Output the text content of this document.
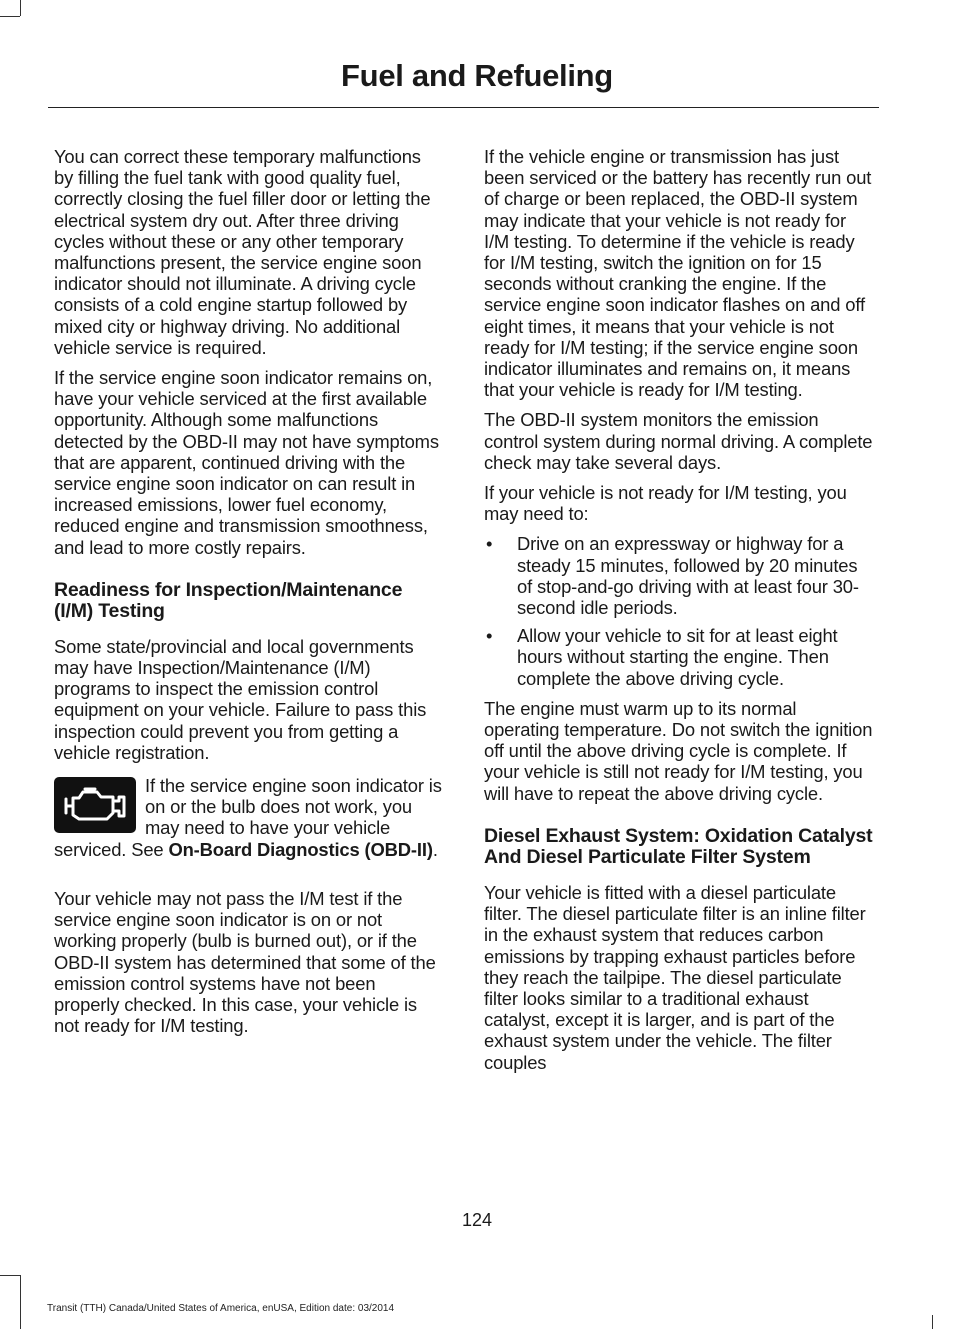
Fuel and Refueling

You can correct these temporary malfunctions by filling the fuel tank with good quality fuel, correctly closing the fuel filler door or letting the electrical system dry out. After three driving cycles without these or any other temporary malfunctions present, the service engine soon indicator should not illuminate. A driving cycle consists of a cold engine startup followed by mixed city or highway driving. No additional vehicle service is required.

If the service engine soon indicator remains on, have your vehicle serviced at the first available opportunity. Although some malfunctions detected by the OBD-II may not have symptoms that are apparent, continued driving with the service engine soon indicator on can result in increased emissions, lower fuel economy, reduced engine and transmission smoothness, and lead to more costly repairs.

Readiness for Inspection/Maintenance (I/M) Testing

Some state/provincial and local governments may have Inspection/Maintenance (I/M) programs to inspect the emission control equipment on your vehicle. Failure to pass this inspection could prevent you from getting a vehicle registration.

If the service engine soon indicator is on or the bulb does not work, you may need to have your vehicle serviced. See On-Board Diagnostics (OBD-II).

Your vehicle may not pass the I/M test if the service engine soon indicator is on or not working properly (bulb is burned out), or if the OBD-II system has determined that some of the emission control systems have not been properly checked. In this case, your vehicle is not ready for I/M testing.

If the vehicle engine or transmission has just been serviced or the battery has recently run out of charge or been replaced, the OBD-II system may indicate that your vehicle is not ready for I/M testing. To determine if the vehicle is ready for I/M testing, switch the ignition on for 15 seconds without cranking the engine. If the service engine soon indicator flashes on and off eight times, it means that your vehicle is not ready for I/M testing; if the service engine soon indicator illuminates and remains on, it means that your vehicle is ready for I/M testing.

The OBD-II system monitors the emission control system during normal driving. A complete check may take several days.

If your vehicle is not ready for I/M testing, you may need to:

• Drive on an expressway or highway for a steady 15 minutes, followed by 20 minutes of stop-and-go driving with at least four 30-second idle periods.
• Allow your vehicle to sit for at least eight hours without starting the engine. Then complete the above driving cycle.

The engine must warm up to its normal operating temperature. Do not switch the ignition off until the above driving cycle is complete. If your vehicle is still not ready for I/M testing, you will have to repeat the above driving cycle.

Diesel Exhaust System: Oxidation Catalyst And Diesel Particulate Filter System

Your vehicle is fitted with a diesel particulate filter. The diesel particulate filter is an inline filter in the exhaust system that reduces carbon emissions by trapping exhaust particles before they reach the tailpipe. The diesel particulate filter looks similar to a traditional exhaust catalyst, except it is larger, and is part of the exhaust system under the vehicle. The filter couples

124
Transit (TTH) Canada/United States of America, enUSA, Edition date: 03/2014
